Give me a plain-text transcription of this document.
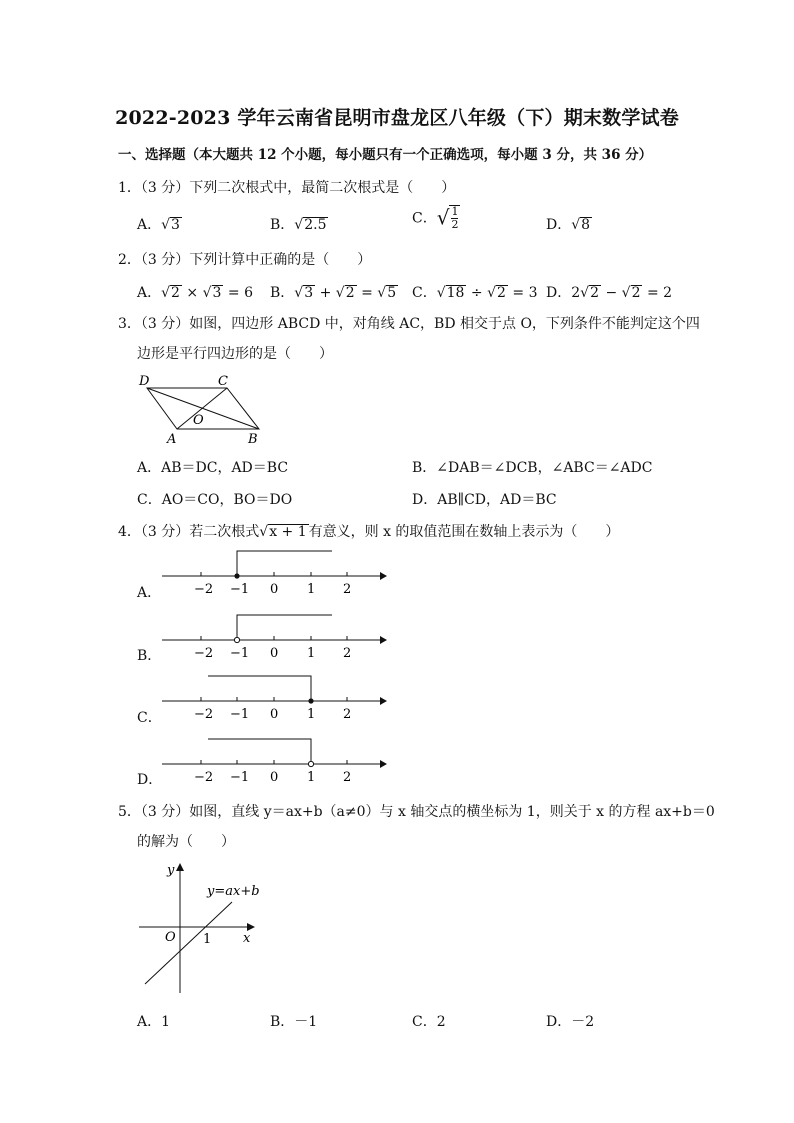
2022-2023 学年云南省昆明市盘龙区八年级（下）期末数学试卷
一、选择题（本大题共 12 个小题，每小题只有一个正确选项，每小题 3 分，共 36 分）
1．（3 分）下列二次根式中，最简二次根式是（　　）
A．√3	B．√2.5	C．√ $\frac{1}{2}$	D．√8
2．（3 分）下列计算中正确的是（　　）
A．√2 × √3 = 6 B．√3 + √2 = √5 C．√18 ÷ √2 = 3 D．2√2 − √2 = 2
3．（3 分）如图，四边形 ABCD 中，对角线 AC，BD 相交于点 O，下列条件不能判定这个四
边形是平行四边形的是（　　）
D	C
O
A	B
A．AB＝DC，AD＝BC	B．∠DAB＝∠DCB，∠ABC＝∠ADC
C．AO＝CO，BO＝DO	D．AB∥CD，AD＝BC
4．（3 分）若二次根式√x + 1 有意义，则 x 的取值范围在数轴上表示为（　　）
A．	−2 −1 0 1 2
B．	−2 −1 0 1 2
C． −2 −1 0 1 2
D． −2 −1 0 1 2
5．（3 分）如图，直线 y＝ax+b（a≠0）与 x 轴交点的横坐标为 1，则关于 x 的方程 ax+b＝0
的解为（　　）
y
x
O 1
y=ax+b
A．1	B．－1	C．2	D．－2
